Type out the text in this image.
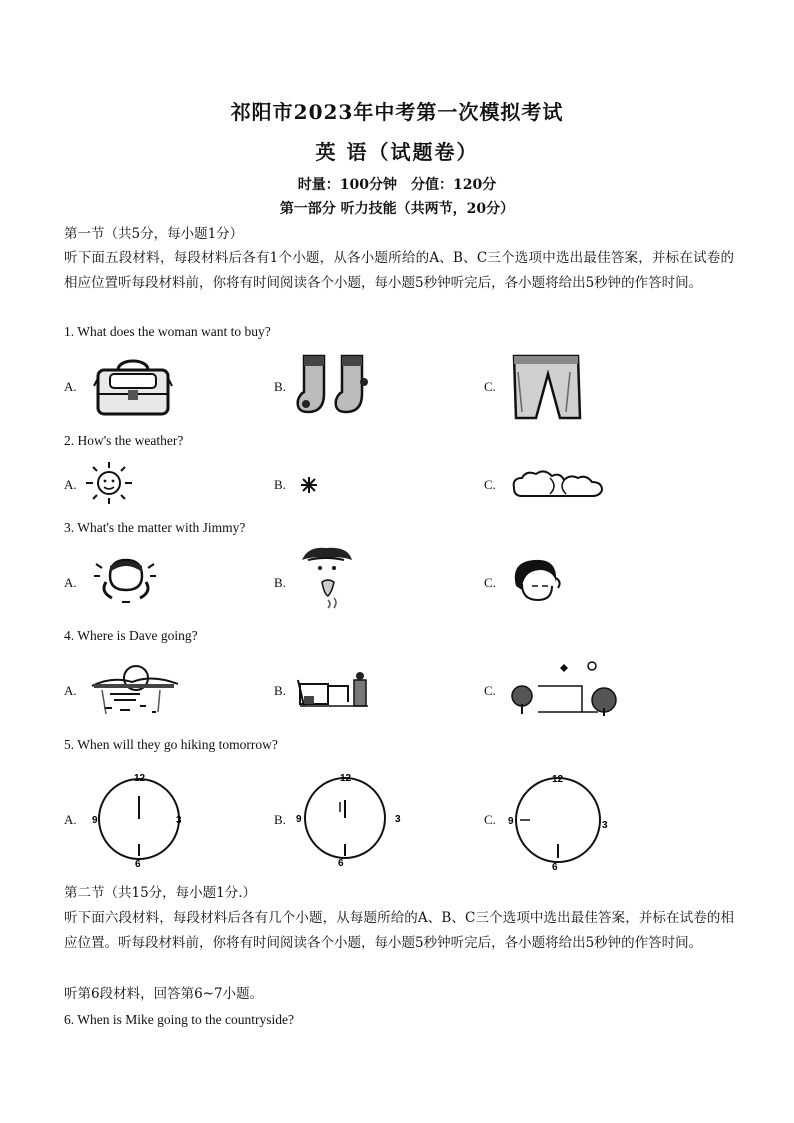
祁阳市2023年中考第一次模拟考试
英 语（试题卷）
时量：100分钟　分值：120分
第一部分 听力技能（共两节，20分）
第一节（共5分，每小题1分）
听下面五段材料，每段材料后各有1个小题，从各小题所给的A、B、C三个选项中选出最佳答案，并标在试卷的相应位置听每段材料前，你将有时间阅读各个小题，每小题5秒钟听完后，各小题将给出5秒钟的作答时间。
1. What does the woman want to buy?
A.	B.	C.
2. How's the weather?
A.	B.	C.
3. What's the matter with Jimmy?
A.	B.	C.
4. Where is Dave going?
A.	B.	C.
5. When will they go hiking tomorrow?
A.	B.	C.
12
3
6
9
12
3
6
9
12
3
6
9
第二节（共15分，每小题1分.）
听下面六段材料，每段材料后各有几个小题，从每题所给的A、B、C三个选项中选出最佳答案，并标在试卷的相应位置。听每段材料前，你将有时间阅读各个小题，每小题5秒钟听完后，各小题将给出5秒钟的作答时间。
听第6段材料，回答第6~7小题。
6. When is Mike going to the countryside?
